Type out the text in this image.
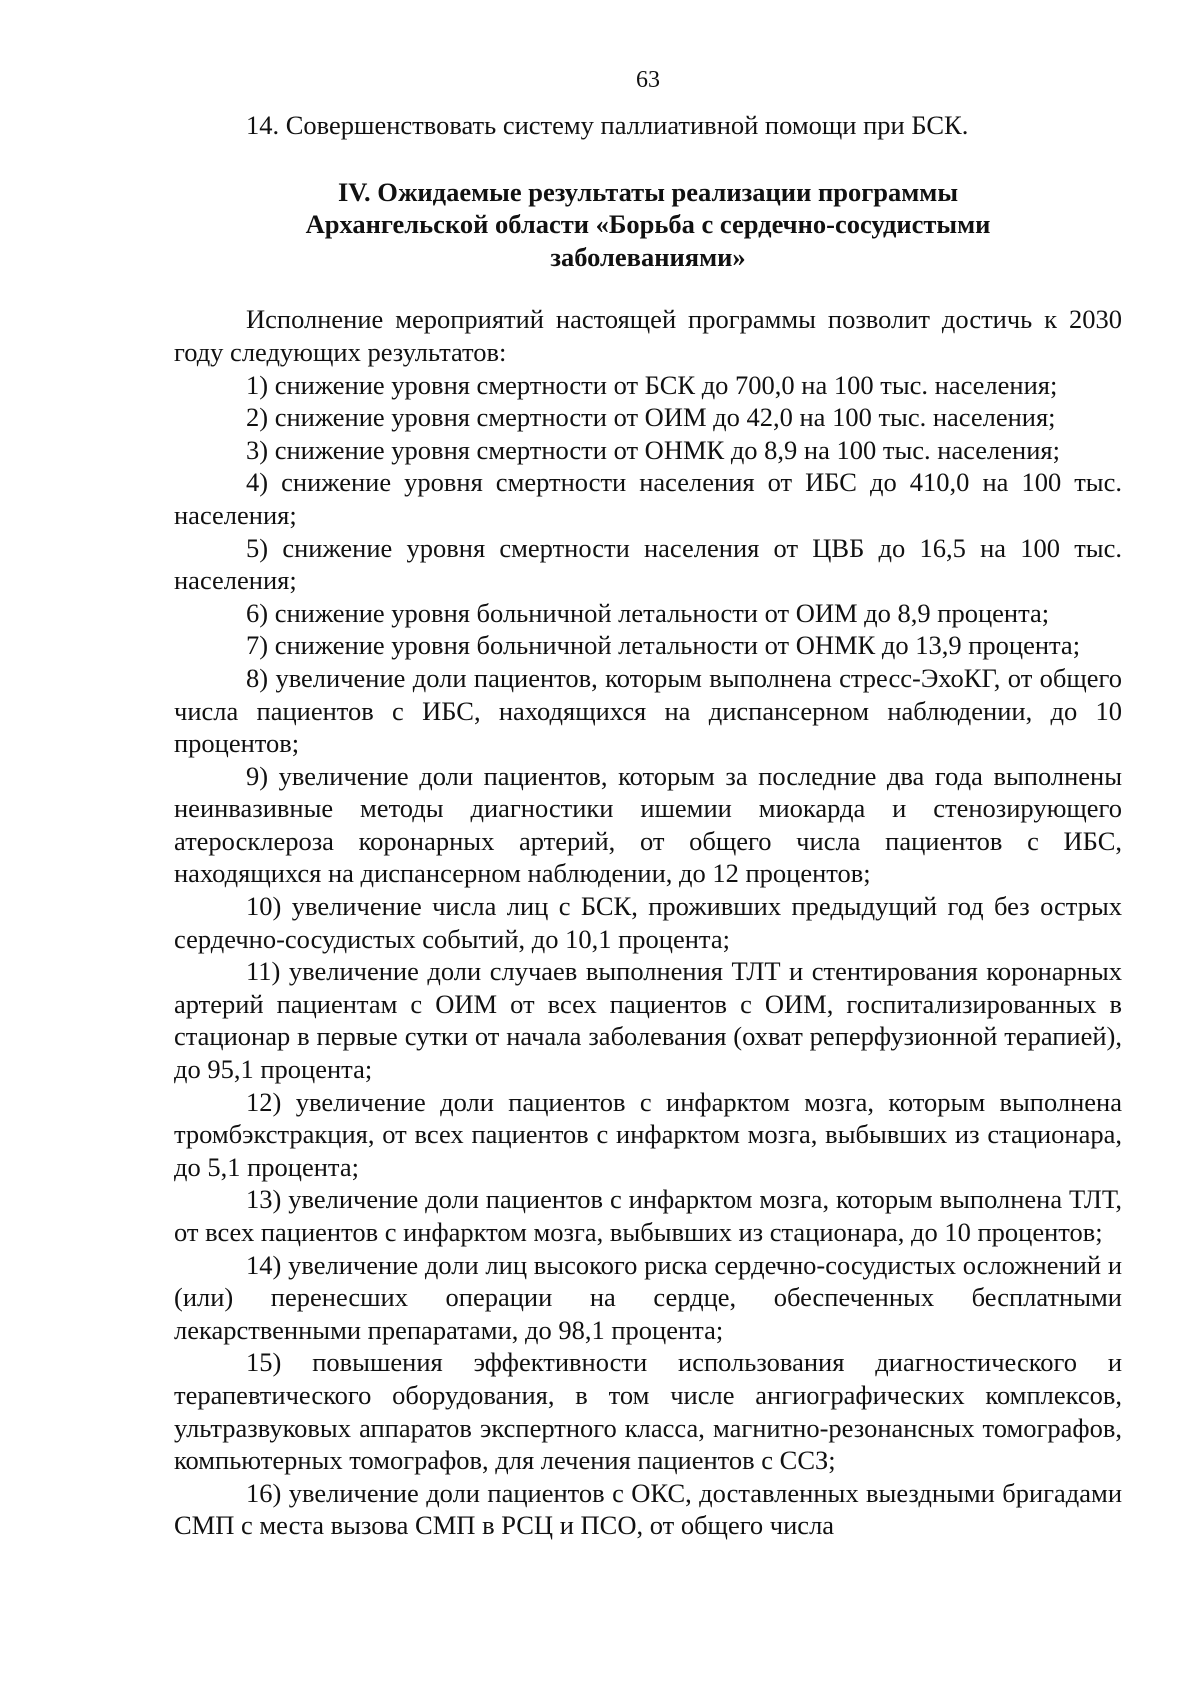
63

14. Совершенствовать систему паллиативной помощи при БСК.

IV. Ожидаемые результаты реализации программы
Архангельской области «Борьба с сердечно-сосудистыми
заболеваниями»

Исполнение мероприятий настоящей программы позволит достичь к 2030 году следующих результатов:

1) снижение уровня смертности от БСК до 700,0 на 100 тыс. населения;

2) снижение уровня смертности от ОИМ до 42,0 на 100 тыс. населения;

3) снижение уровня смертности от ОНМК до 8,9 на 100 тыс. населения;

4) снижение уровня смертности населения от ИБС до 410,0 на 100 тыс. населения;

5) снижение уровня смертности населения от ЦВБ до 16,5 на 100 тыс. населения;

6) снижение уровня больничной летальности от ОИМ до 8,9 процента;

7) снижение уровня больничной летальности от ОНМК до 13,9 процента;

8) увеличение доли пациентов, которым выполнена стресс-ЭхоКГ, от общего числа пациентов с ИБС, находящихся на диспансерном наблюдении, до 10 процентов;

9) увеличение доли пациентов, которым за последние два года выполнены неинвазивные методы диагностики ишемии миокарда и стенозирующего атеросклероза коронарных артерий, от общего числа пациентов с ИБС, находящихся на диспансерном наблюдении, до 12 процентов;

10) увеличение числа лиц с БСК, проживших предыдущий год без острых сердечно-сосудистых событий, до 10,1 процента;

11) увеличение доли случаев выполнения ТЛТ и стентирования коронарных артерий пациентам с ОИМ от всех пациентов с ОИМ, госпитализированных в стационар в первые сутки от начала заболевания (охват реперфузионной терапией), до 95,1 процента;

12) увеличение доли пациентов с инфарктом мозга, которым выполнена тромбэкстракция, от всех пациентов с инфарктом мозга, выбывших из стационара, до 5,1 процента;

13) увеличение доли пациентов с инфарктом мозга, которым выполнена ТЛТ, от всех пациентов с инфарктом мозга, выбывших из стационара, до 10 процентов;

14) увеличение доли лиц высокого риска сердечно-сосудистых осложнений и (или) перенесших операции на сердце, обеспеченных бесплатными лекарственными препаратами, до 98,1 процента;

15) повышения эффективности использования диагностического и терапевтического оборудования, в том числе ангиографических комплексов, ультразвуковых аппаратов экспертного класса, магнитно-резонансных томографов, компьютерных томографов, для лечения пациентов с ССЗ;

16) увеличение доли пациентов с ОКС, доставленных выездными бригадами СМП с места вызова СМП в РСЦ и ПСО, от общего числа
